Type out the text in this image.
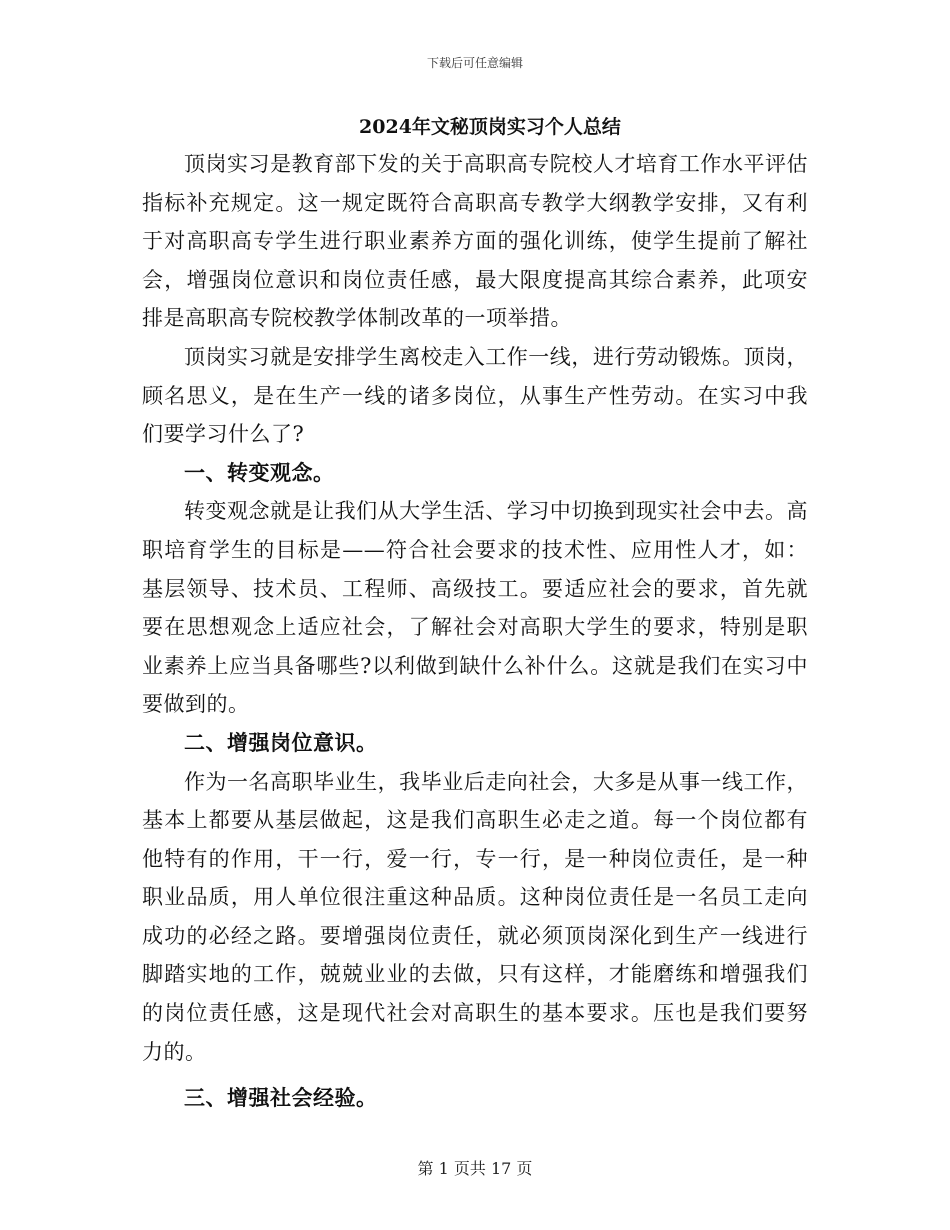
下载后可任意编辑
2024年文秘顶岗实习个人总结

顶岗实习是教育部下发的关于高职高专院校人才培育工作水平评估指标补充规定。这一规定既符合高职高专教学大纲教学安排，又有利于对高职高专学生进行职业素养方面的强化训练，使学生提前了解社会，增强岗位意识和岗位责任感，最大限度提高其综合素养，此项安排是高职高专院校教学体制改革的一项举措。

顶岗实习就是安排学生离校走入工作一线，进行劳动锻炼。顶岗，顾名思义，是在生产一线的诸多岗位，从事生产性劳动。在实习中我们要学习什么了?

一、转变观念。

转变观念就是让我们从大学生活、学习中切换到现实社会中去。高职培育学生的目标是——符合社会要求的技术性、应用性人才，如：基层领导、技术员、工程师、高级技工。要适应社会的要求，首先就要在思想观念上适应社会，了解社会对高职大学生的要求，特别是职业素养上应当具备哪些?以利做到缺什么补什么。这就是我们在实习中要做到的。

二、增强岗位意识。

作为一名高职毕业生，我毕业后走向社会，大多是从事一线工作，基本上都要从基层做起，这是我们高职生必走之道。每一个岗位都有他特有的作用，干一行，爱一行，专一行，是一种岗位责任，是一种职业品质，用人单位很注重这种品质。这种岗位责任是一名员工走向成功的必经之路。要增强岗位责任，就必须顶岗深化到生产一线进行脚踏实地的工作，兢兢业业的去做，只有这样，才能磨练和增强我们的岗位责任感，这是现代社会对高职生的基本要求。压也是我们要努力的。

三、增强社会经验。

第 1 页共 17 页
